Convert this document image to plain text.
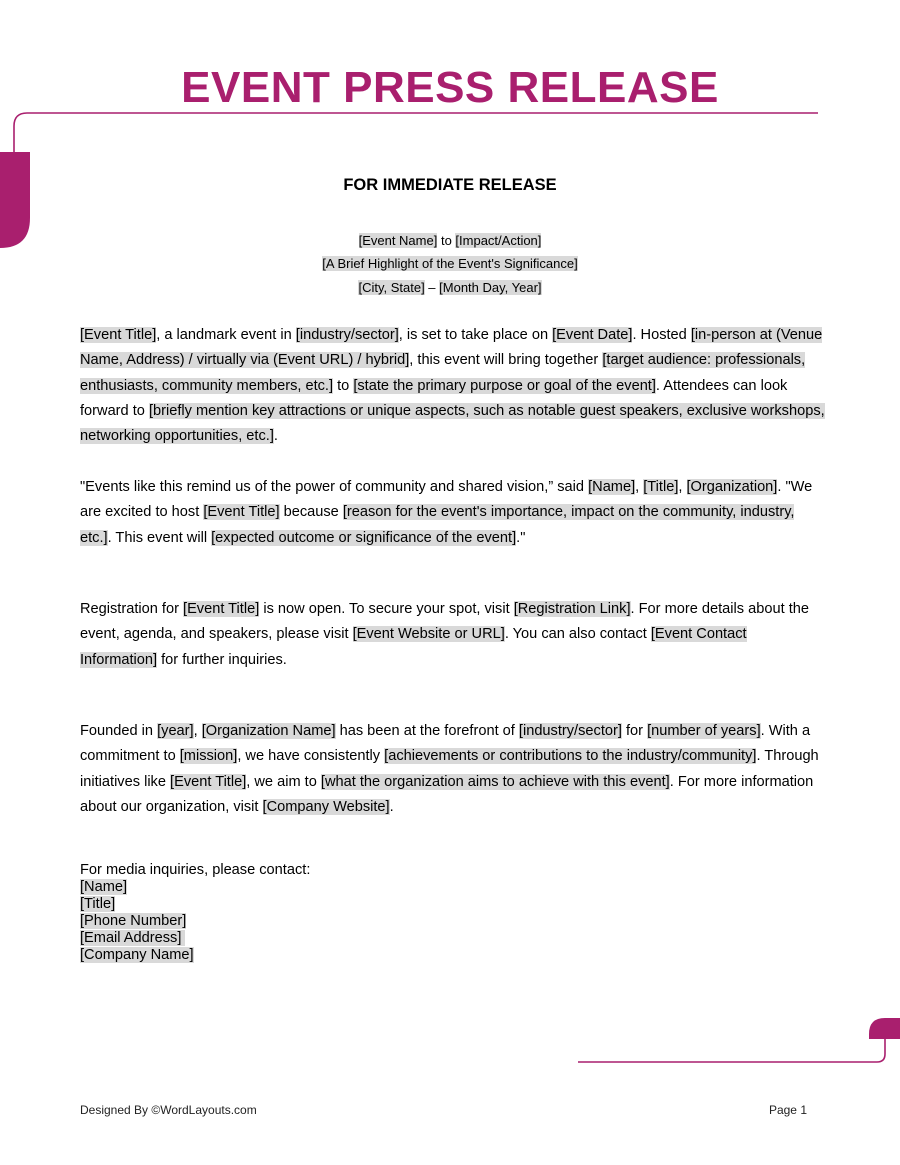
EVENT PRESS RELEASE
FOR IMMEDIATE RELEASE
[Event Name] to [Impact/Action]
[A Brief Highlight of the Event's Significance]
[City, State] – [Month Day, Year]
[Event Title], a landmark event in [industry/sector], is set to take place on [Event Date]. Hosted [in-person at (Venue Name, Address) / virtually via (Event URL) / hybrid], this event will bring together [target audience: professionals, enthusiasts, community members, etc.] to [state the primary purpose or goal of the event]. Attendees can look forward to [briefly mention key attractions or unique aspects, such as notable guest speakers, exclusive workshops, networking opportunities, etc.].
"Events like this remind us of the power of community and shared vision,” said [Name], [Title], [Organization]. "We are excited to host [Event Title] because [reason for the event's importance, impact on the community, industry, etc.]. This event will [expected outcome or significance of the event]."
Registration for [Event Title] is now open. To secure your spot, visit [Registration Link]. For more details about the event, agenda, and speakers, please visit [Event Website or URL]. You can also contact [Event Contact Information] for further inquiries.
Founded in [year], [Organization Name] has been at the forefront of [industry/sector] for [number of years]. With a commitment to [mission], we have consistently [achievements or contributions to the industry/community]. Through initiatives like [Event Title], we aim to [what the organization aims to achieve with this event]. For more information about our organization, visit [Company Website].
For media inquiries, please contact:
[Name]
[Title]
[Phone Number]
[Email Address]
[Company Name]
Designed By ©WordLayouts.com	Page 1
